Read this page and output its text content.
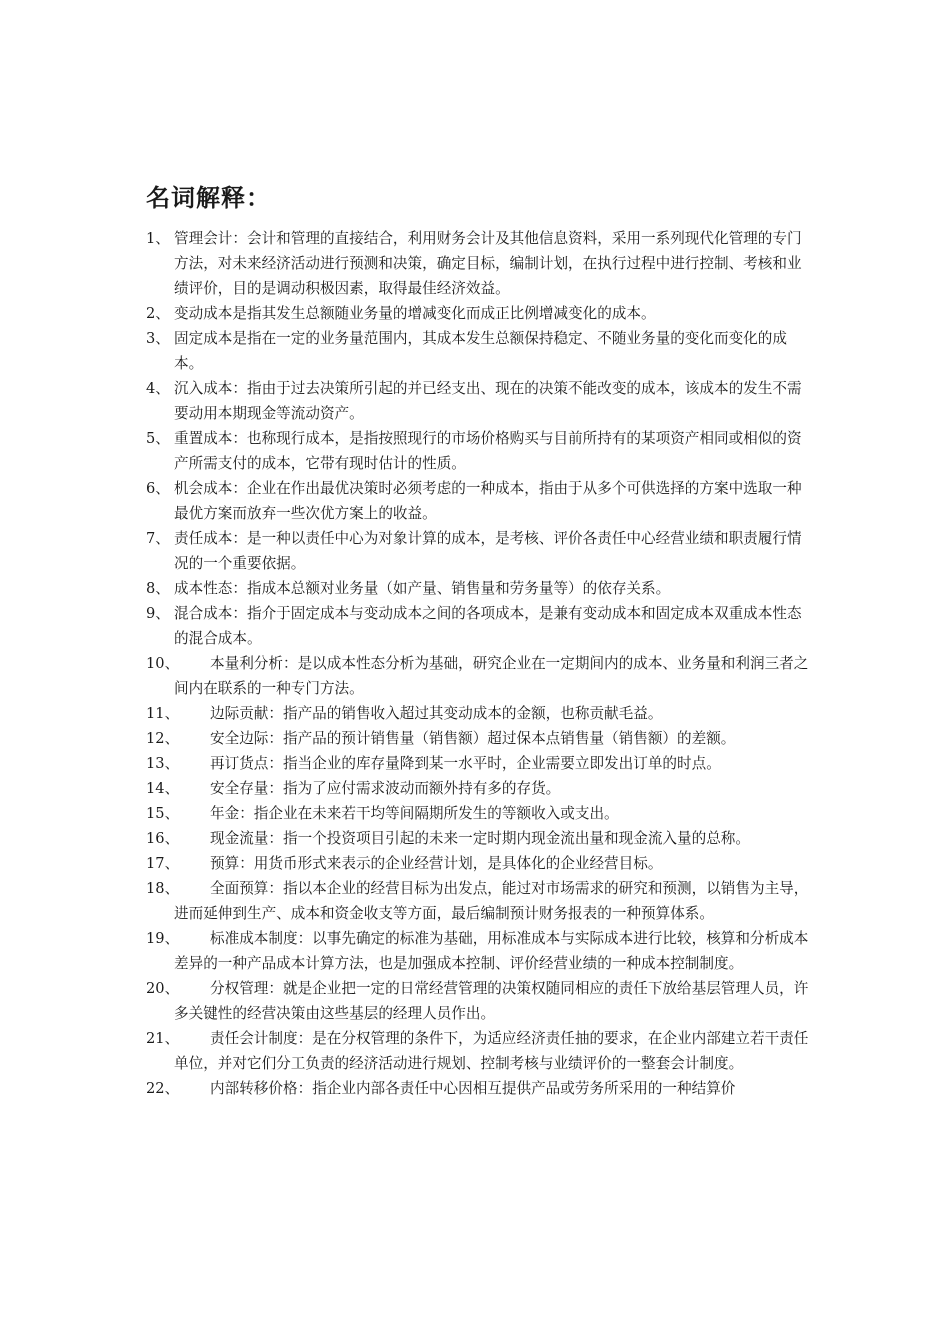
名词解释：
1、 管理会计：会计和管理的直接结合，利用财务会计及其他信息资料，采用一系列现代化管理的专门方法，对未来经济活动进行预测和决策，确定目标，编制计划，在执行过程中进行控制、考核和业绩评价，目的是调动积极因素，取得最佳经济效益。
2、 变动成本是指其发生总额随业务量的增减变化而成正比例增减变化的成本。
3、 固定成本是指在一定的业务量范围内，其成本发生总额保持稳定、不随业务量的变化而变化的成本。
4、 沉入成本：指由于过去决策所引起的并已经支出、现在的决策不能改变的成本，该成本的发生不需要动用本期现金等流动资产。
5、 重置成本：也称现行成本，是指按照现行的市场价格购买与目前所持有的某项资产相同或相似的资产所需支付的成本，它带有现时估计的性质。
6、 机会成本：企业在作出最优决策时必须考虑的一种成本，指由于从多个可供选择的方案中选取一种最优方案而放弃一些次优方案上的收益。
7、 责任成本：是一种以责任中心为对象计算的成本，是考核、评价各责任中心经营业绩和职责履行情况的一个重要依据。
8、 成本性态：指成本总额对业务量（如产量、销售量和劳务量等）的依存关系。
9、 混合成本：指介于固定成本与变动成本之间的各项成本，是兼有变动成本和固定成本双重成本性态的混合成本。
10、	本量利分析：是以成本性态分析为基础，研究企业在一定期间内的成本、业务量和利润三者之间内在联系的一种专门方法。
11、	边际贡献：指产品的销售收入超过其变动成本的金额，也称贡献毛益。
12、	安全边际：指产品的预计销售量（销售额）超过保本点销售量（销售额）的差额。
13、	再订货点：指当企业的库存量降到某一水平时，企业需要立即发出订单的时点。
14、	安全存量：指为了应付需求波动而额外持有多的存货。
15、	年金：指企业在未来若干均等间隔期所发生的等额收入或支出。
16、	现金流量：指一个投资项目引起的未来一定时期内现金流出量和现金流入量的总称。
17、	预算：用货币形式来表示的企业经营计划，是具体化的企业经营目标。
18、	全面预算：指以本企业的经营目标为出发点，能过对市场需求的研究和预测，以销售为主导，进而延伸到生产、成本和资金收支等方面，最后编制预计财务报表的一种预算体系。
19、	标准成本制度：以事先确定的标准为基础，用标准成本与实际成本进行比较，核算和分析成本差异的一种产品成本计算方法，也是加强成本控制、评价经营业绩的一种成本控制制度。
20、	分权管理：就是企业把一定的日常经营管理的决策权随同相应的责任下放给基层管理人员，许多关键性的经营决策由这些基层的经理人员作出。
21、	责任会计制度：是在分权管理的条件下，为适应经济责任抽的要求，在企业内部建立若干责任单位，并对它们分工负责的经济活动进行规划、控制考核与业绩评价的一整套会计制度。
22、	内部转移价格：指企业内部各责任中心因相互提供产品或劳务所采用的一种结算价
